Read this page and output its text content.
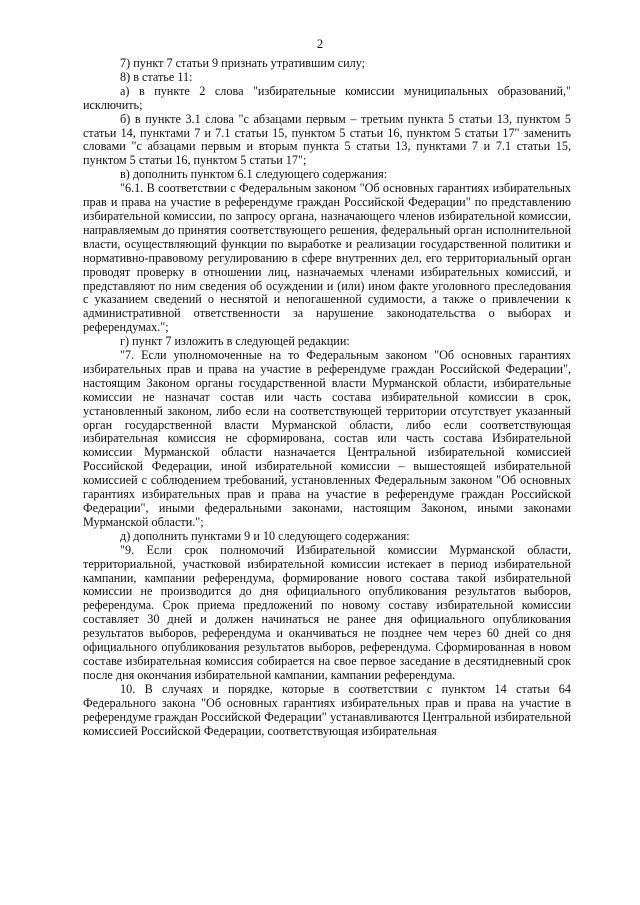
2

7) пункт 7 статьи 9 признать утратившим силу;

8) в статье 11:

а) в пункте 2 слова "избирательные комиссии муниципальных образований," исключить;

б) в пункте 3.1 слова "с абзацами первым – третьим пункта 5 статьи 13, пунктом 5 статьи 14, пунктами 7 и 7.1 статьи 15, пунктом 5 статьи 16, пунктом 5 статьи 17" заменить словами "с абзацами первым и вторым пункта 5 статьи 13, пунктами 7 и 7.1 статьи 15, пунктом 5 статьи 16, пунктом 5 статьи 17";

в) дополнить пунктом 6.1 следующего содержания:

"6.1. В соответствии с Федеральным законом "Об основных гарантиях избирательных прав и права на участие в референдуме граждан Российской Федерации" по представлению избирательной комиссии, по запросу органа, назначающего членов избирательной комиссии, направляемым до принятия соответствующего решения, федеральный орган исполнительной власти, осуществляющий функции по выработке и реализации государственной политики и нормативно-правовому регулированию в сфере внутренних дел, его территориальный орган проводят проверку в отношении лиц, назначаемых членами избирательных комиссий, и представляют по ним сведения об осуждении и (или) ином факте уголовного преследования с указанием сведений о неснятой и непогашенной судимости, а также о привлечении к административной ответственности за нарушение законодательства о выборах и референдумах.";

г) пункт 7 изложить в следующей редакции:

"7. Если уполномоченные на то Федеральным законом "Об основных гарантиях избирательных прав и права на участие в референдуме граждан Российской Федерации", настоящим Законом органы государственной власти Мурманской области, избирательные комиссии не назначат состав или часть состава избирательной комиссии в срок, установленный законом, либо если на соответствующей территории отсутствует указанный орган государственной власти Мурманской области, либо если соответствующая избирательная комиссия не сформирована, состав или часть состава Избирательной комиссии Мурманской области назначается Центральной избирательной комиссией Российской Федерации, иной избирательной комиссии – вышестоящей избирательной комиссией с соблюдением требований, установленных Федеральным законом "Об основных гарантиях избирательных прав и права на участие в референдуме граждан Российской Федерации", иными федеральными законами, настоящим Законом, иными законами Мурманской области.";

д) дополнить пунктами 9 и 10 следующего содержания:

"9. Если срок полномочий Избирательной комиссии Мурманской области, территориальной, участковой избирательной комиссии истекает в период избирательной кампании, кампании референдума, формирование нового состава такой избирательной комиссии не производится до дня официального опубликования результатов выборов, референдума. Срок приема предложений по новому составу избирательной комиссии составляет 30 дней и должен начинаться не ранее дня официального опубликования результатов выборов, референдума и оканчиваться не позднее чем через 60 дней со дня официального опубликования результатов выборов, референдума. Сформированная в новом составе избирательная комиссия собирается на свое первое заседание в десятидневный срок после дня окончания избирательной кампании, кампании референдума.

10. В случаях и порядке, которые в соответствии с пунктом 14 статьи 64 Федерального закона "Об основных гарантиях избирательных прав и права на участие в референдуме граждан Российской Федерации" устанавливаются Центральной избирательной комиссией Российской Федерации, соответствующая избирательная
